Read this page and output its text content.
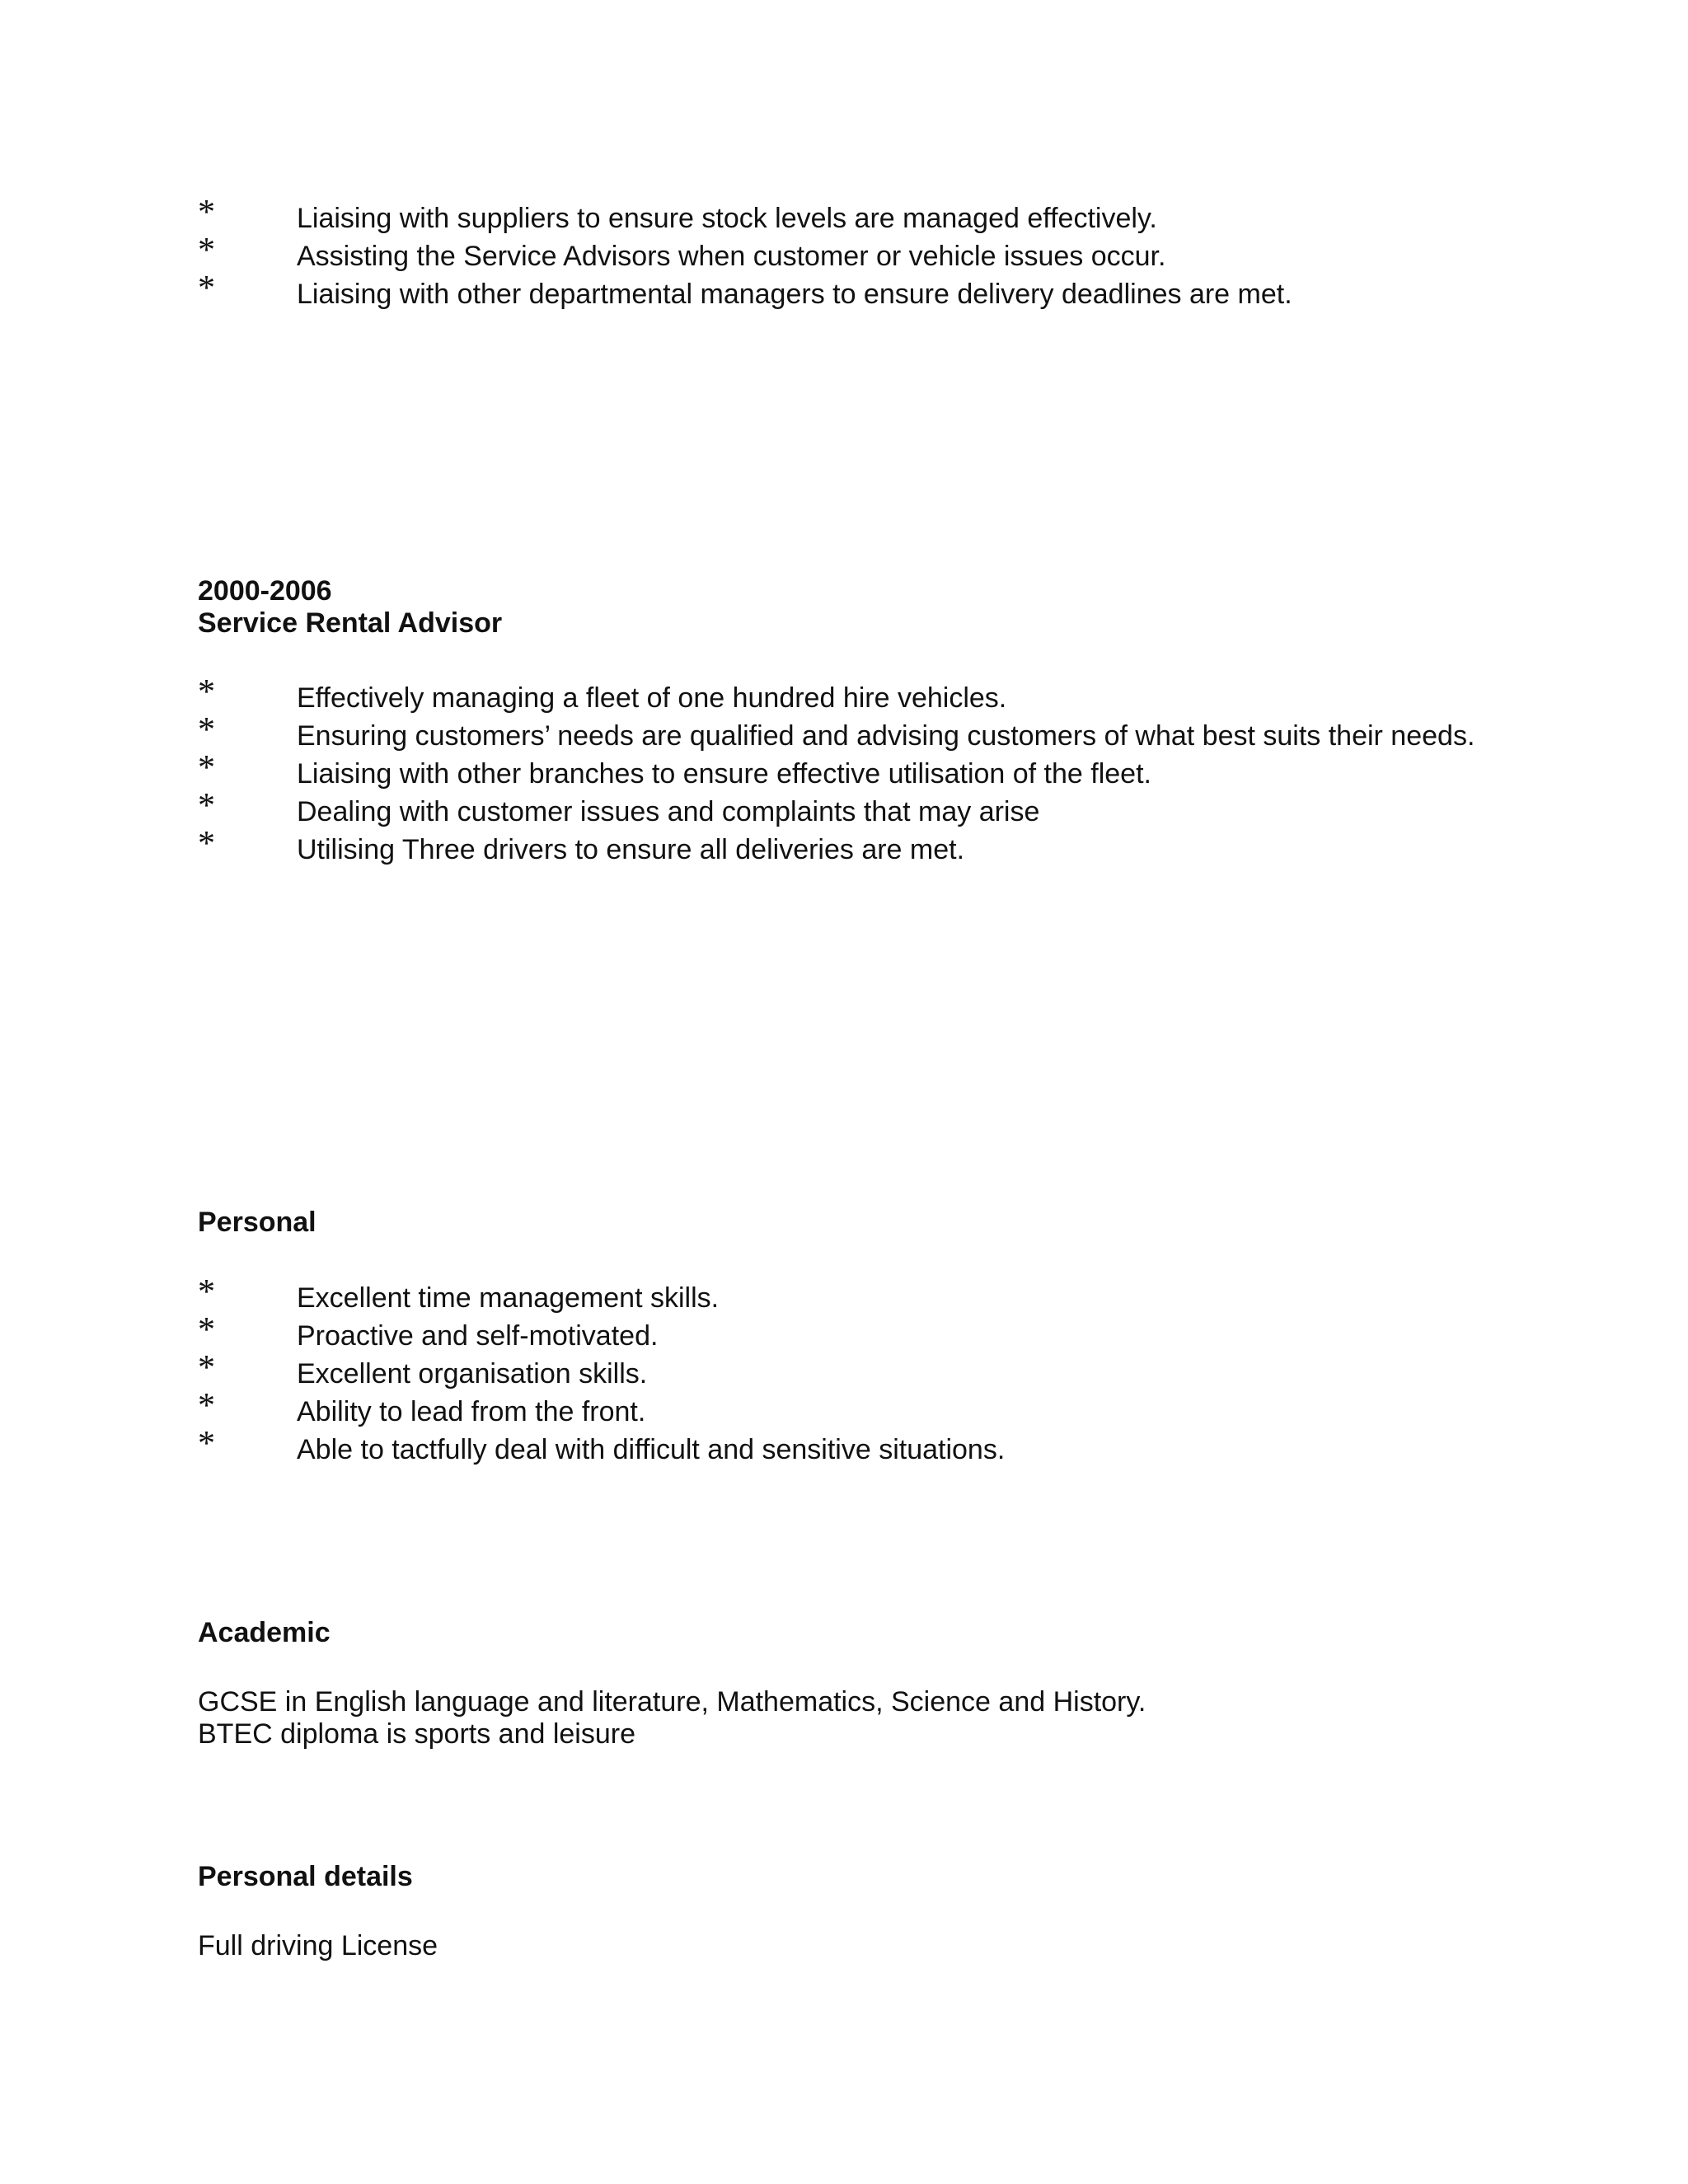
*	Liaising with suppliers to ensure stock levels are managed effectively.
*	Assisting the Service Advisors when customer or vehicle issues occur.
*	Liaising with other departmental managers to ensure delivery deadlines are met.

2000-2006

Service Rental Advisor

*	Effectively managing a fleet of one hundred hire vehicles.
*	Ensuring customers’ needs are qualified and advising customers of what best suits their needs.
*	Liaising with other branches to ensure effective utilisation of the fleet.
*	Dealing with customer issues and complaints that may arise
*	Utilising Three drivers to ensure all deliveries are met.

Personal

*	Excellent time management skills.
*	Proactive and self-motivated.
*	Excellent organisation skills.
*	Ability to lead from the front.
*	Able to tactfully deal with difficult and sensitive situations.

Academic

GCSE in English language and literature, Mathematics, Science and History.

BTEC diploma is sports and leisure

Personal details

Full driving License
